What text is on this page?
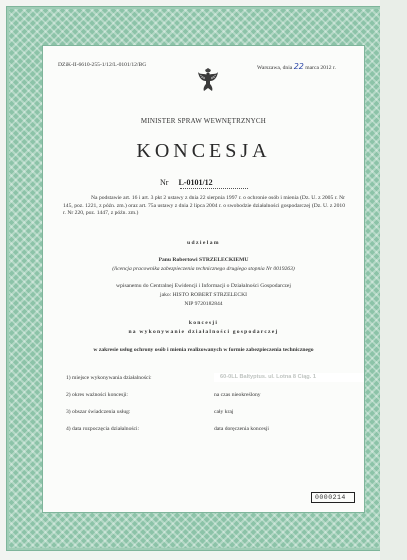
DZiK-II-6610-255-1/12/L-0101/12/BG	Warszawa, dnia 22 marca 2012 r.
MINISTER SPRAW WEWNĘTRZNYCH
KONCESJA
Nr L-0101/12
Na podstawie art. 16 i art. 3 pkt 2 ustawy z dnia 22 sierpnia 1997 r. o ochronie osób i mienia (Dz. U. z 2005 r. Nr 145, poz. 1221, z późn. zm.) oraz art. 75a ustawy z dnia 2 lipca 2004 r. o swobodzie działalności gospodarczej (Dz. U. z 2010 r. Nr 220, poz. 1447, z późn. zm.)
udzielam
Panu Robertowi STRZELECKIEMU
(licencja pracownika zabezpieczenia technicznego drugiego stopnia Nr 0019263)
wpisanemu do Centralnej Ewidencji i Informacji o Działalności Gospodarczej
jako: HISTO ROBERT STRZELECKI
NIP 9720182844
koncesji
na wykonywanie działalności gospodarczej
w zakresie usług ochrony osób i mienia realizowanych w formie zabezpieczenia technicznego
1) miejsce wykonywania działalności:	60-0LL Baltyptus. ul. Lotna 8 Ciąg. 1
2) okres ważności koncesji:	na czas nieokreślony
3) obszar świadczenia usług:	cały kraj
4) data rozpoczęcia działalności:	data doręczenia koncesji
0000214
